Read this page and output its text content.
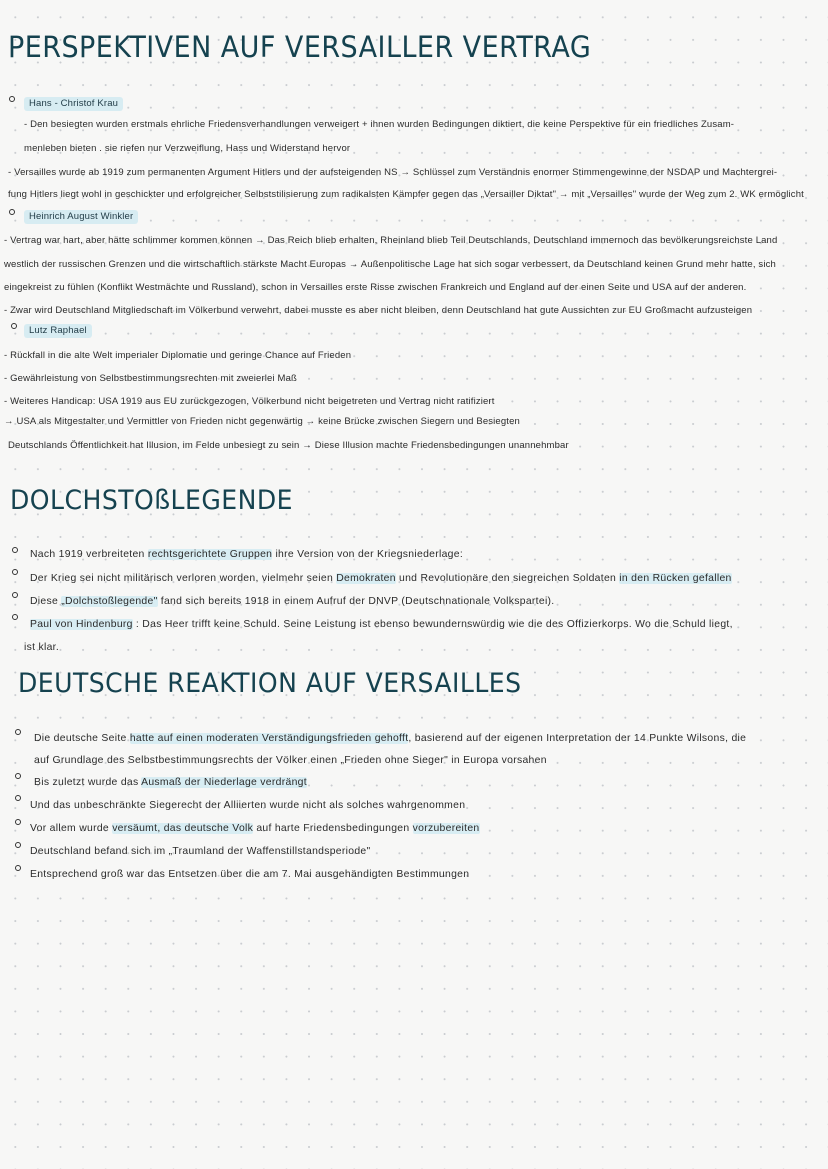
PERSPEKTIVEN AUF VERSAILLER VERTRAG
Hans - Christof Krau
- Den besiegten wurden erstmals ehrliche Friedensverhandlungen verweigert + ihnen wurden Bedingungen diktiert, die keine Perspektive für ein friedliches Zusam-
menleben bieten . sie riefen nur Verzweiflung, Hass und Widerstand hervor
- Versailles wurde ab 1919 zum permanenten Argument Hitlers und der aufsteigenden NS → Schlüssel zum Verständnis enormer Stimmengewinne der NSDAP und Machtergrei-
fung Hitlers liegt wohl in geschickter und erfolgreicher Selbststilisierung zum radikalsten Kämpfer gegen das „Versailler Diktat" → mit „Versailles" wurde der Weg zum 2. WK ermöglicht
Heinrich August Winkler
- Vertrag war hart, aber hätte schlimmer kommen können → Das Reich blieb erhalten, Rheinland blieb Teil Deutschlands, Deutschland immernoch das bevölkerungsreichste Land
westlich der russischen Grenzen und die wirtschaftlich stärkste Macht Europas → Außenpolitische Lage hat sich sogar verbessert, da Deutschland keinen Grund mehr hatte, sich
eingekreist zu fühlen (Konflikt Westmächte und Russland), schon in Versailles erste Risse zwischen Frankreich und England auf der einen Seite und USA auf der anderen.
- Zwar wird Deutschland Mitgliedschaft im Völkerbund verwehrt, dabei musste es aber nicht bleiben, denn Deutschland hat gute Aussichten zur EU Großmacht aufzusteigen
Lutz Raphael
- Rückfall in die alte Welt imperialer Diplomatie und geringe Chance auf Frieden
- Gewährleistung von Selbstbestimmungsrechten mit zweierlei Maß
- Weiteres Handicap: USA 1919 aus EU zurückgezogen, Völkerbund nicht beigetreten und Vertrag nicht ratifiziert
→ USA als Mitgestalter und Vermittler von Frieden nicht gegenwärtig → keine Brücke zwischen Siegern und Besiegten
Deutschlands Öffentlichkeit hat Illusion, im Felde unbesiegt zu sein → Diese Illusion machte Friedensbedingungen unannehmbar
DOLCHSTOßLEGENDE
Nach 1919 verbreiteten rechtsgerichtete Gruppen ihre Version von der Kriegsniederlage:
Der Krieg sei nicht militärisch verloren worden, vielmehr seien Demokraten und Revolutionäre den siegreichen Soldaten in den Rücken gefallen
Diese „Dolchstoßlegende" fand sich bereits 1918 in einem Aufruf der DNVP (Deutschnationale Volkspartei).
Paul von Hindenburg : Das Heer trifft keine Schuld. Seine Leistung ist ebenso bewundernswürdig wie die des Offizierkorps. Wo die Schuld liegt,
ist klar.
DEUTSCHE REAKTION AUF VERSAILLES
Die deutsche Seite hatte auf einen moderaten Verständigungsfrieden gehofft, basierend auf der eigenen Interpretation der 14 Punkte Wilsons, die
auf Grundlage des Selbstbestimmungsrechts der Völker einen „Frieden ohne Sieger" in Europa vorsahen
Bis zuletzt wurde das Ausmaß der Niederlage verdrängt
Und das unbeschränkte Siegerecht der Alliierten wurde nicht als solches wahrgenommen
Vor allem wurde versäumt, das deutsche Volk auf harte Friedensbedingungen vorzubereiten
Deutschland befand sich im „Traumland der Waffenstillstandsperiode"
Entsprechend groß war das Entsetzen über die am 7. Mai ausgehändigten Bestimmungen
